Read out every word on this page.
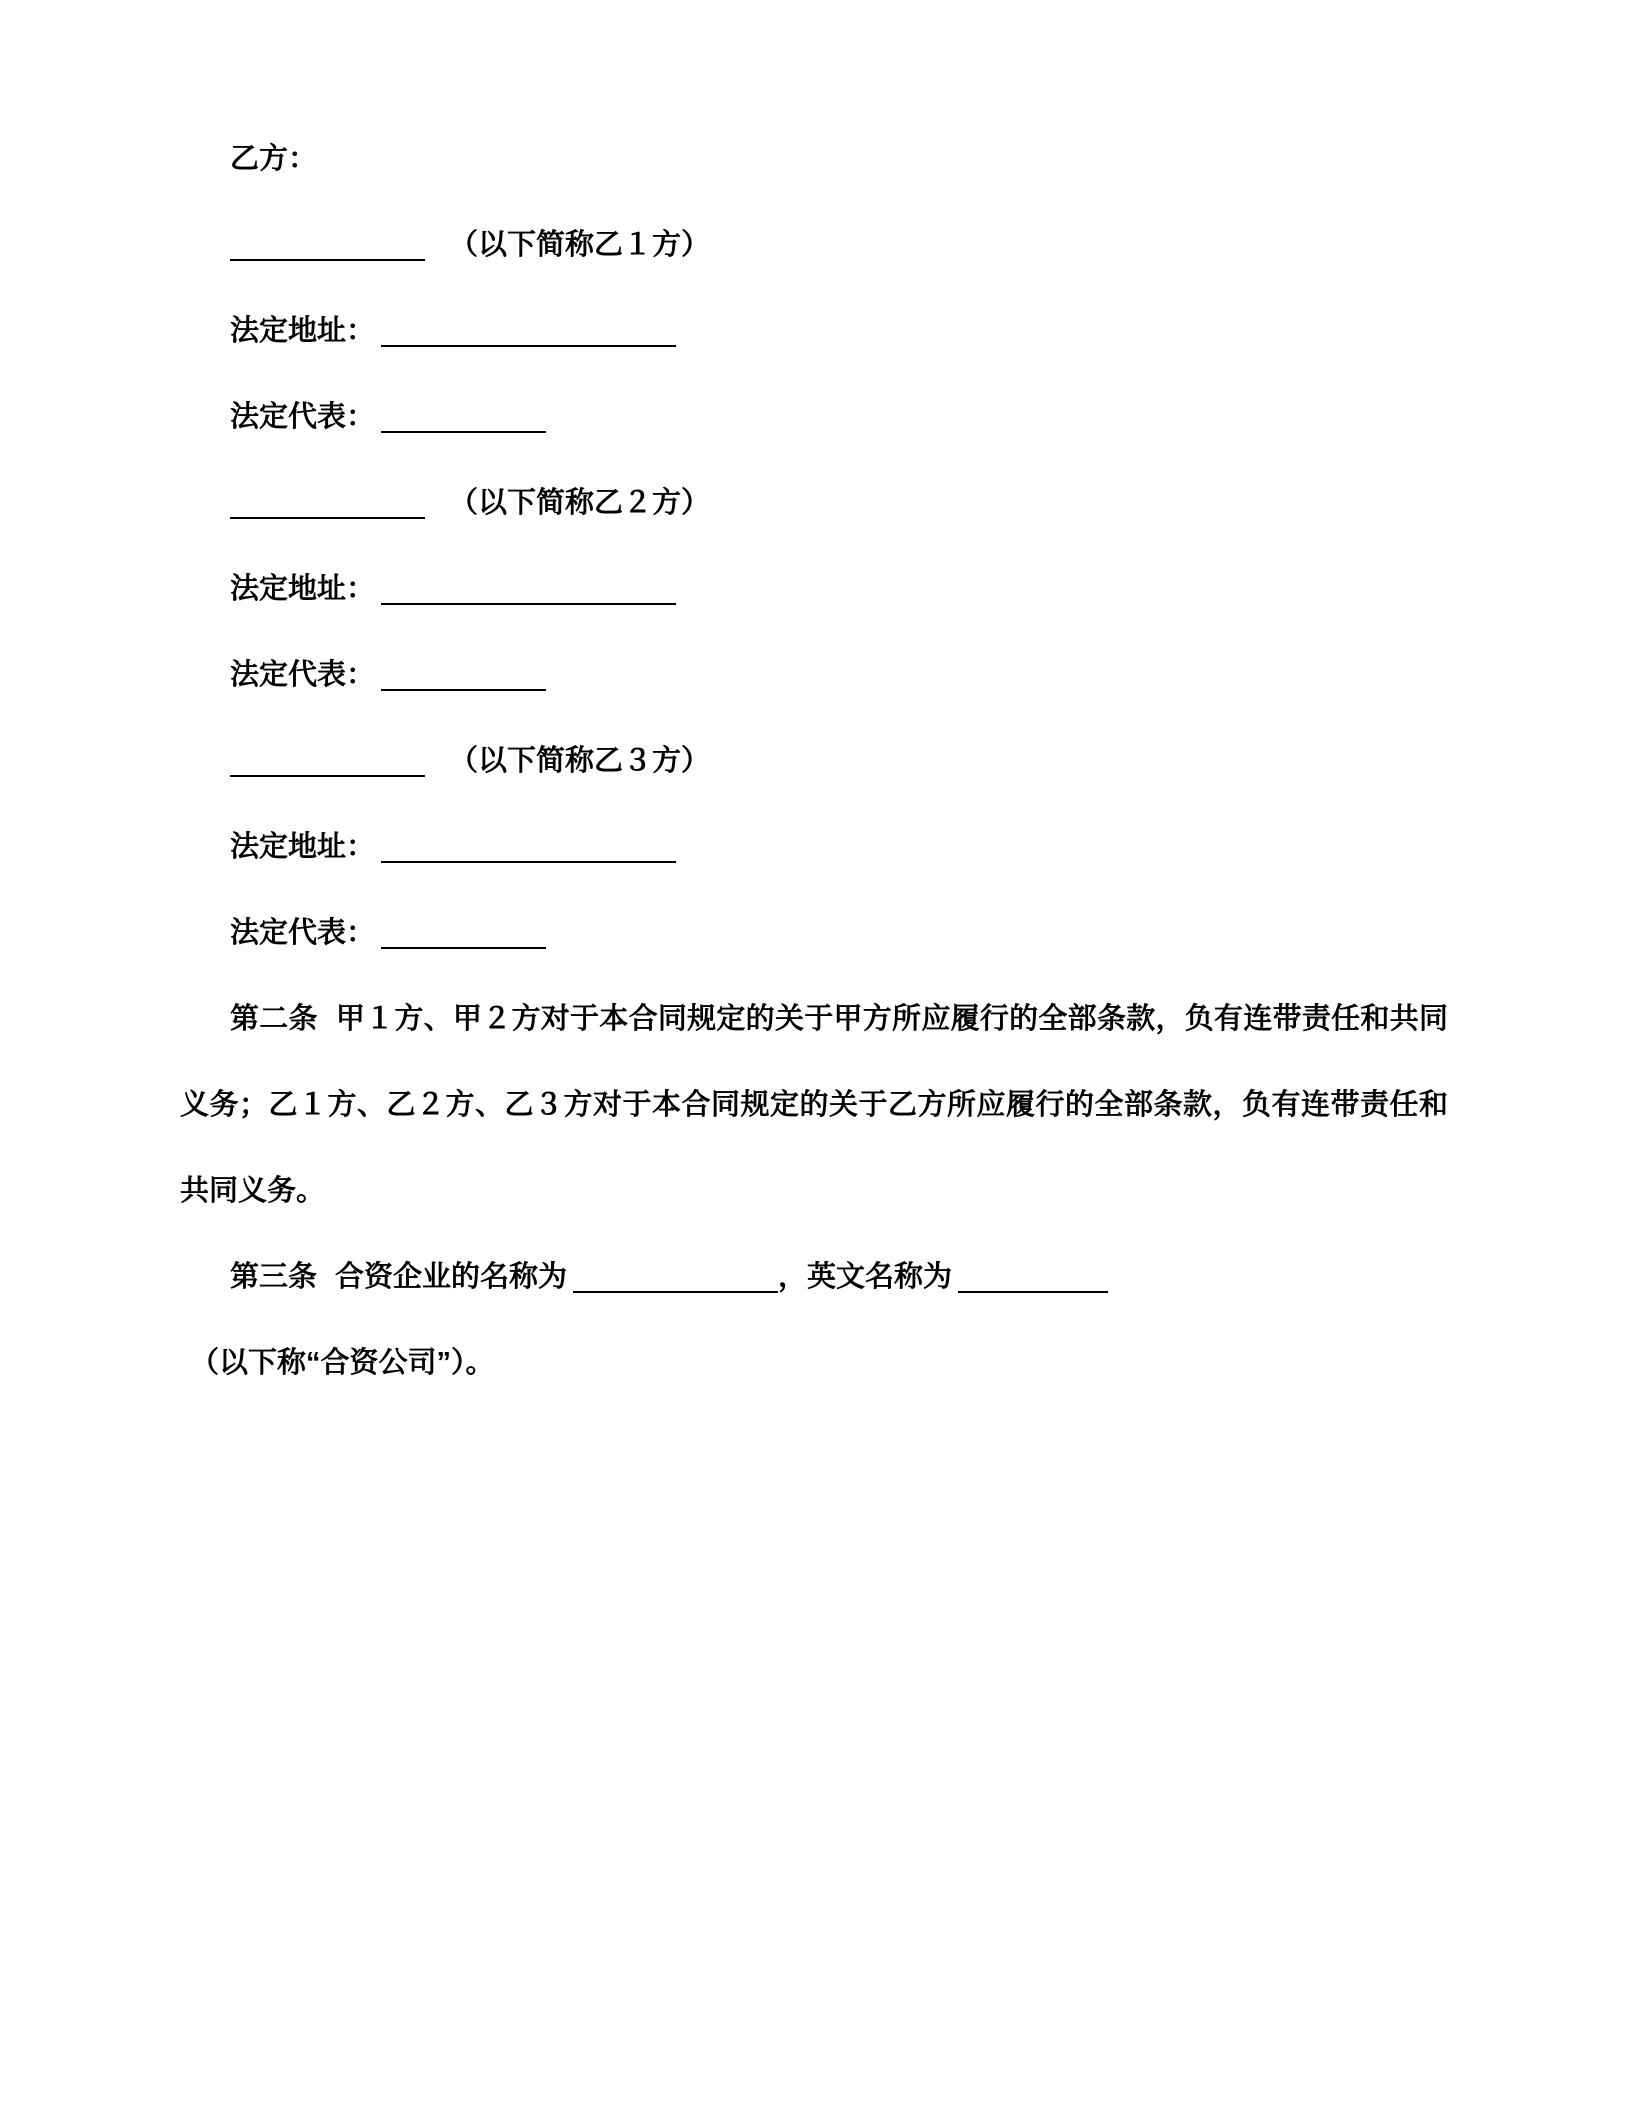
乙方：

（以下简称乙１方）

法定地址：

法定代表：

（以下简称乙２方）

法定地址：

法定代表：

（以下简称乙３方）

法定地址：

法定代表：

第二条 甲１方、甲２方对于本合同规定的关于甲方所应履行的全部条款，负有连带责任和共同义务；乙１方、乙２方、乙３方对于本合同规定的关于乙方所应履行的全部条款，负有连带责任和共同义务。

第三条 合资企业的名称为	，英文名称为

（以下称“合资公司”）。
